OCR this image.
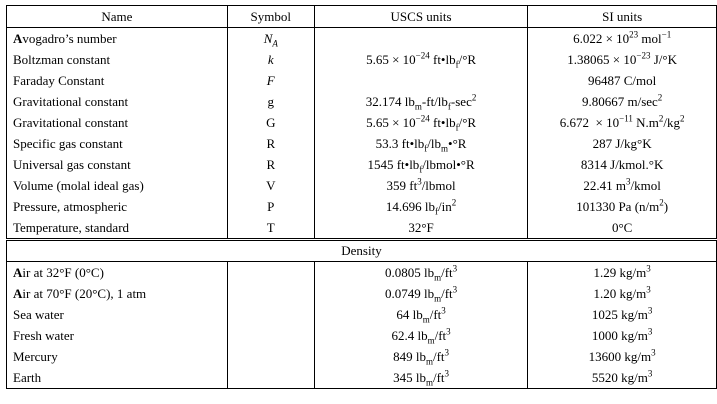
Name	Symbol	USCS units	SI units
Avogadro’s number	$N_A$		$6.022 \times 10^{23}$ mol$^{-1}$
Boltzman constant	k	$5.65 \times 10^{-24}$ $ft•lb_f/^\circ R$	$1.38065 \times 10^{-23}$ J/°K
Faraday Constant	F		96487 C/mol
Gravitational constant	g	32.174 $lb_m-ft/lb_f-\sec^2$	9.80667 $m/\sec^2$
Gravitational constant	G	$5.65 \times 10^{-24}$ $ft•lb_f/^\circ R$	$6.672 \times 10^{-11}$ $N.m^2/kg^2$
Specific gas constant	R	53.3 $ft•lb_f/lb_m•^\circ R$	287 J/kg°K
Universal gas constant	R	1545 $ft•lb_f/lbmol•^\circ R$	8314 J/kmol.°K
Volume (molal ideal gas)	V	359 $ft^3$/lbmol	22.41 $m^3$/kmol
Pressure, atmospheric	P	14.696 $lb_f/in^2$	101330 Pa $(n/m^2)$
Temperature, standard	T	32°F	0°C
Density			
Air at 32°F (0°C)		0.0805 $lb_m/ft^3$	1.29 $kg/m^3$
Air at 70°F (20°C), 1 atm		0.0749 $lb_m/ft^3$	1.20 $kg/m^3$
Sea water		64 $lb_m/ft^3$	1025 $kg/m^3$
Fresh water		62.4 $lb_m/ft^3$	1000 $kg/m^3$
Mercury		849 $lb_m/ft^3$	13600 $kg/m^3$
Earth		345 $lb_m/ft^3$	5520 $kg/m^3$
